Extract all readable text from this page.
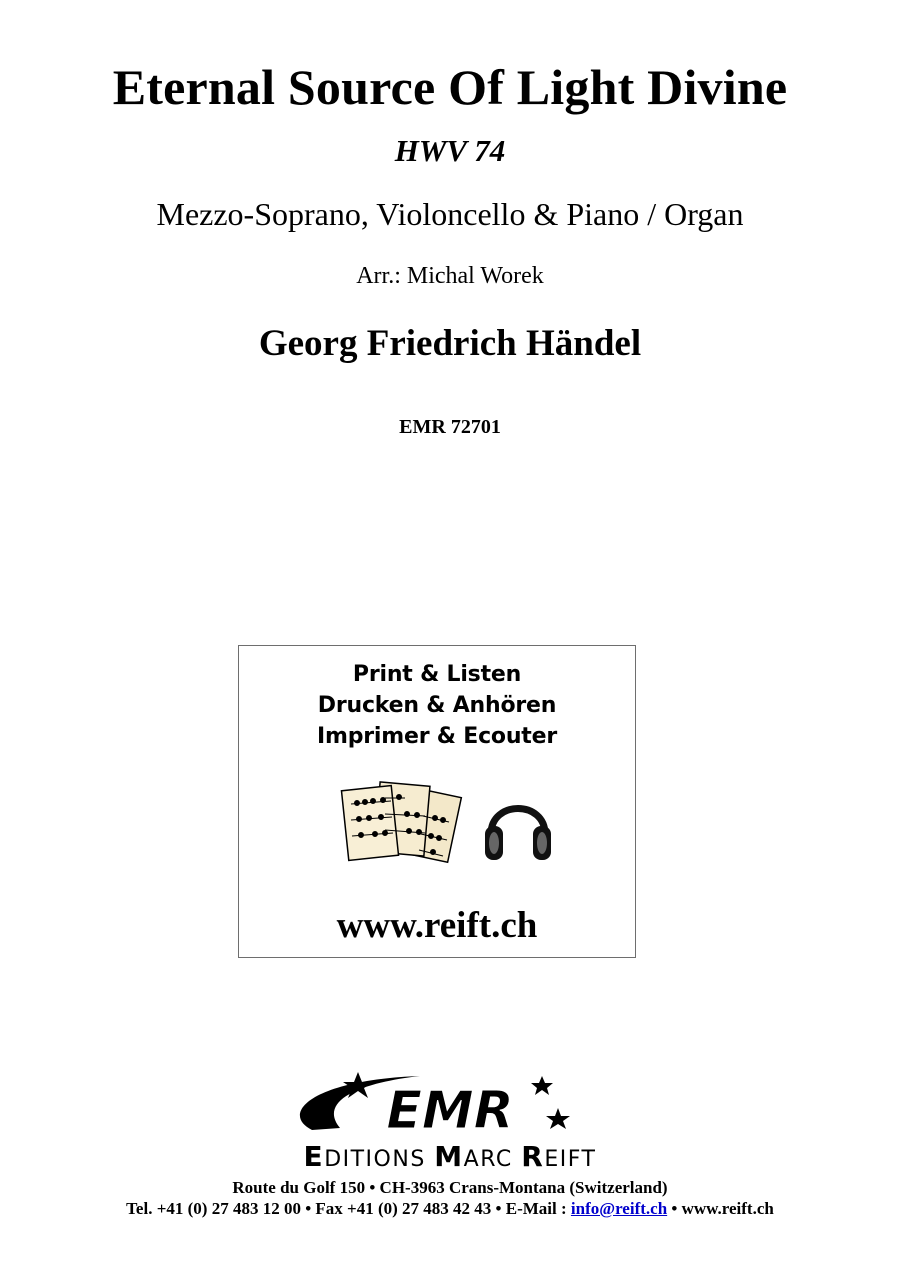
Eternal Source Of Light Divine
HWV 74
Mezzo-Soprano, Violoncello & Piano / Organ
Arr.: Michal Worek
Georg Friedrich Händel
EMR 72701
Print & Listen
Drucken & Anhören
Imprimer & Ecouter
www.reift.ch
EMR
EDITIONS MARC REIFT
Route du Golf 150 • CH-3963 Crans-Montana (Switzerland)
Tel. +41 (0) 27 483 12 00 • Fax +41 (0) 27 483 42 43 • E-Mail : info@reift.ch • www.reift.ch
